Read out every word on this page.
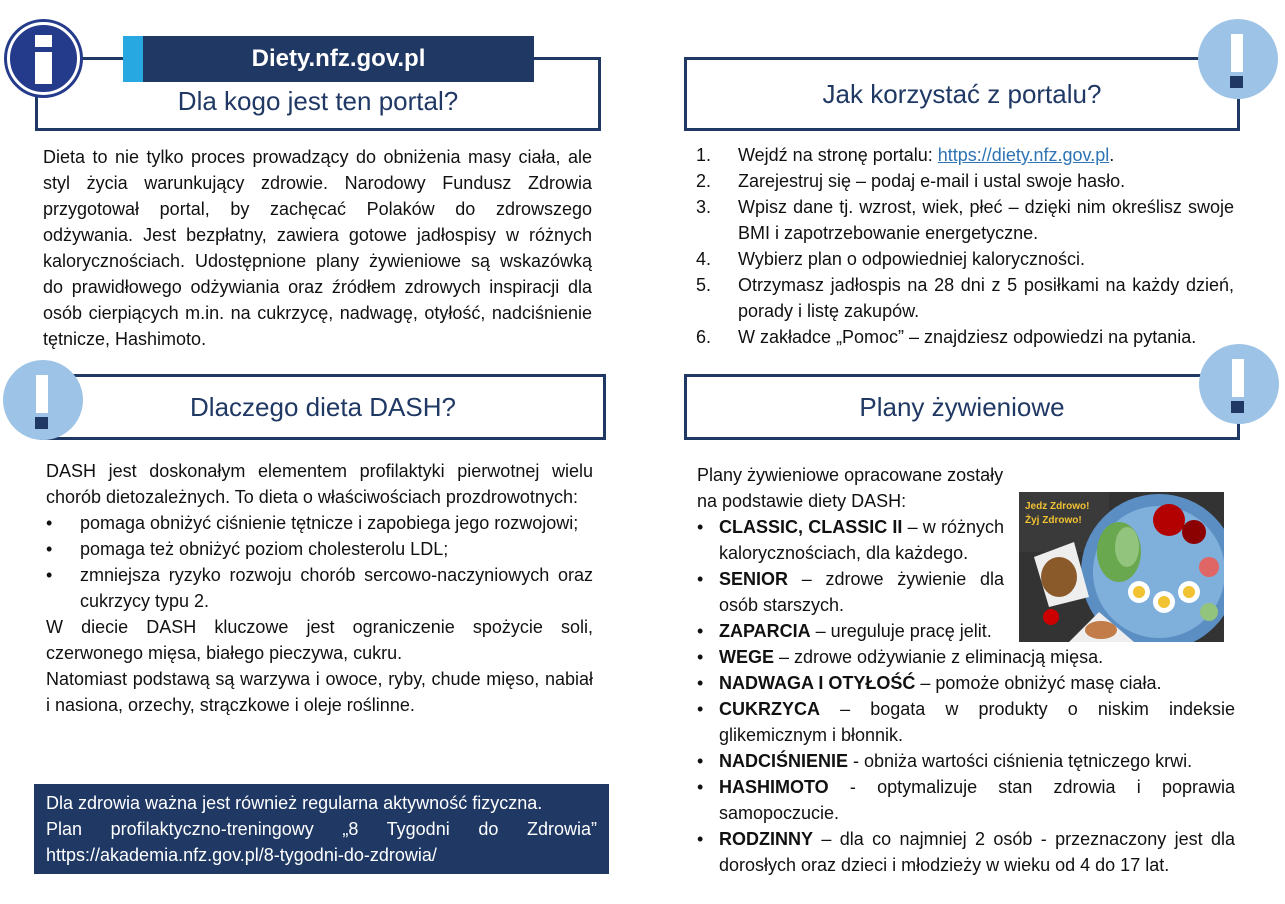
Dla kogo jest ten portal?
Diety.nfz.gov.pl
Dieta to nie tylko proces prowadzący do obniżenia masy ciała, ale styl życia warunkujący zdrowie. Narodowy Fundusz Zdrowia przygotował portal, by zachęcać Polaków do zdrowszego odżywania. Jest bezpłatny, zawiera gotowe jadłospisy w różnych kalorycznościach. Udostępnione plany żywieniowe są wskazówką do prawidłowego odżywiania oraz źródłem zdrowych inspiracji dla osób cierpiących m.in. na cukrzycę, nadwagę, otyłość, nadciśnienie tętnicze, Hashimoto.
Jak korzystać z portalu?
1. Wejdź na stronę portalu: https://diety.nfz.gov.pl.
2. Zarejestruj się – podaj e-mail i ustal swoje hasło.
3. Wpisz dane tj. wzrost, wiek, płeć – dzięki nim określisz swoje BMI i zapotrzebowanie energetyczne.
4. Wybierz plan o odpowiedniej kaloryczności.
5. Otrzymasz jadłospis na 28 dni z 5 posiłkami na każdy dzień, porady i listę zakupów.
6. W zakładce „Pomoc” – znajdziesz odpowiedzi na pytania.
Dlaczego dieta DASH?

DASH jest doskonałym elementem profilaktyki pierwotnej wielu chorób dietozależnych. To dieta o właściwościach prozdrowotnych:

• pomaga obniżyć ciśnienie tętnicze i zapobiega jego rozwojowi;
• pomaga też obniżyć poziom cholesterolu LDL;
• zmniejsza ryzyko rozwoju chorób sercowo-naczyniowych oraz cukrzycy typu 2.

W diecie DASH kluczowe jest ograniczenie spożycie soli, czerwonego mięsa, białego pieczywa, cukru.

Natomiast podstawą są warzywa i owoce, ryby, chude mięso, nabiał i nasiona, orzechy, strączkowe i oleje roślinne.

Dla zdrowia ważna jest również regularna aktywność fizyczna.
Plan profilaktyczno-treningowy „8 Tygodni do Zdrowia”
https://akademia.nfz.gov.pl/8-tygodni-do-zdrowia/
Plany żywieniowe
Jedz Zdrowo! Żyj Zdrowo!

Plany żywieniowe opracowane zostały na podstawie diety DASH:

• CLASSIC, CLASSIC II – w różnych kalorycznościach, dla każdego.
• SENIOR – zdrowe żywienie dla osób starszych.
• ZAPARCIA – ureguluje pracę jelit.
• WEGE – zdrowe odżywianie z eliminacją mięsa.
• NADWAGA I OTYŁOŚĆ – pomoże obniżyć masę ciała.
• CUKRZYCA – bogata w produkty o niskim indeksie glikemicznym i błonnik.
• NADCIŚNIENIE - obniża wartości ciśnienia tętniczego krwi.
• HASHIMOTO - optymalizuje stan zdrowia i poprawia samopoczucie.
• RODZINNY – dla co najmniej 2 osób - przeznaczony jest dla dorosłych oraz dzieci i młodzieży w wieku od 4 do 17 lat.
